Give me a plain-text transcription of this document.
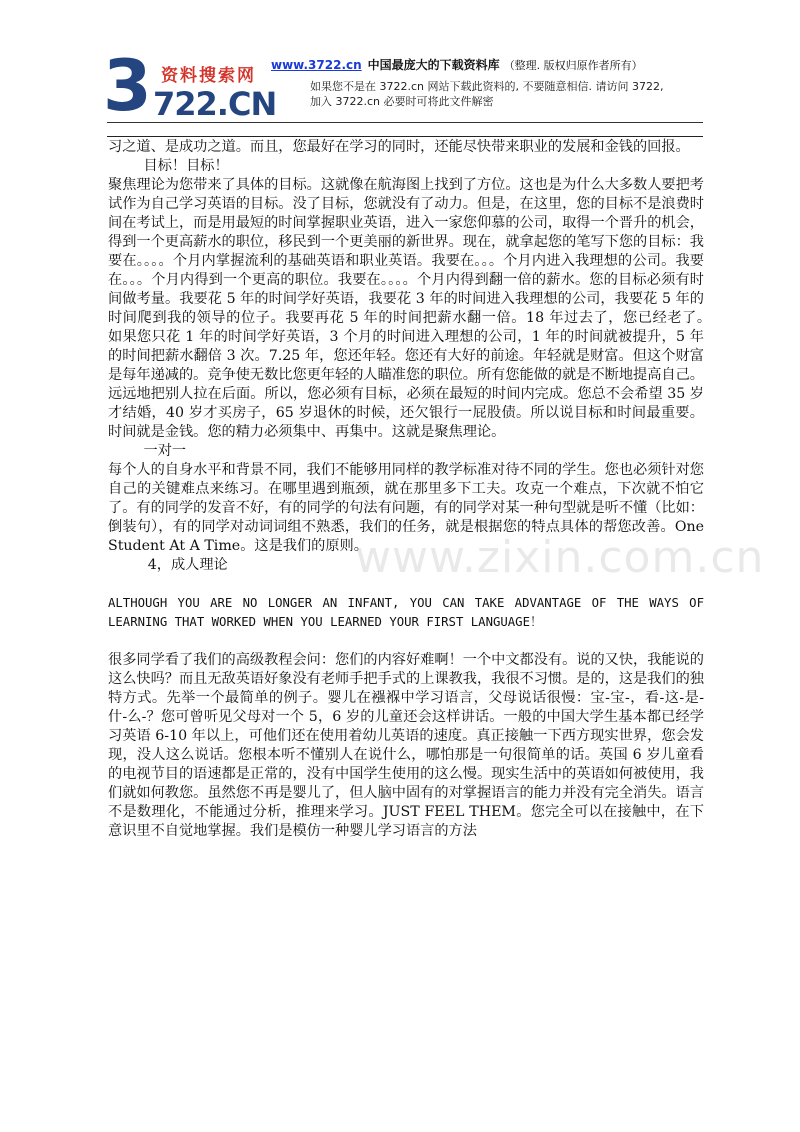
3 资料搜索网
722.CN
www.3722.cn 中国最庞大的下载资料库 （整理. 版权归原作者所有）
如果您不是在 3722.cn 网站下载此资料的, 不要随意相信. 请访问 3722,
加入 3722.cn 必要时可将此文件解密
www.zixin.com.cn

习之道、是成功之道。而且，您最好在学习的同时，还能尽快带来职业的发展和金钱的回报。

目标！目标！

聚焦理论为您带来了具体的目标。这就像在航海图上找到了方位。这也是为什么大多数人要把考试作为自己学习英语的目标。没了目标，您就没有了动力。但是，在这里，您的目标不是浪费时间在考试上，而是用最短的时间掌握职业英语，进入一家您仰慕的公司，取得一个晋升的机会，得到一个更高薪水的职位，移民到一个更美丽的新世界。现在，就拿起您的笔写下您的目标：我要在。。。。个月内掌握流利的基础英语和职业英语。我要在。。。个月内进入我理想的公司。我要在。。。个月内得到一个更高的职位。我要在。。。。个月内得到翻一倍的薪水。您的目标必须有时间做考量。我要花 5 年的时间学好英语，我要花 3 年的时间进入我理想的公司，我要花 5 年的时间爬到我的领导的位子。我要再花 5 年的时间把薪水翻一倍。18 年过去了，您已经老了。　如果您只花 1 年的时间学好英语，3 个月的时间进入理想的公司，1 年的时间就被提升，5 年的时间把薪水翻倍 3 次。7.25 年，您还年轻。您还有大好的前途。年轻就是财富。但这个财富是每年递减的。竞争使无数比您更年轻的人瞄准您的职位。所有您能做的就是不断地提高自己。远远地把别人拉在后面。所以，您必须有目标，必须在最短的时间内完成。您总不会希望 35 岁才结婚，40 岁才买房子，65 岁退休的时候，还欠银行一屁股债。所以说目标和时间最重要。时间就是金钱。您的精力必须集中、再集中。这就是聚焦理论。

一对一

每个人的自身水平和背景不同，我们不能够用同样的教学标准对待不同的学生。您也必须针对您自己的关键难点来练习。在哪里遇到瓶颈，就在那里多下工夫。攻克一个难点，下次就不怕它了。有的同学的发音不好，有的同学的句法有问题，有的同学对某一种句型就是听不懂（比如：倒装句），有的同学对动词词组不熟悉，我们的任务，就是根据您的特点具体的帮您改善。One Student At A Time。这是我们的原则。

4，成人理论

ALTHOUGH YOU ARE NO LONGER AN INFANT, YOU CAN TAKE ADVANTAGE OF THE WAYS OF LEARNING THAT WORKED WHEN YOU LEARNED YOUR FIRST LANGUAGE！

很多同学看了我们的高级教程会问：您们的内容好难啊！一个中文都没有。说的又快，我能说的这么快吗？而且无敌英语好象没有老师手把手式的上课教我，我很不习惯。是的，这是我们的独特方式。先举一个最简单的例子。婴儿在襁褓中学习语言，父母说话很慢：宝-宝-，看-这-是-什-么-？您可曾听见父母对一个 5，6 岁的儿童还会这样讲话。一般的中国大学生基本都已经学习英语 6-10 年以上，可他们还在使用着幼儿英语的速度。真正接触一下西方现实世界，您会发现，没人这么说话。您根本听不懂别人在说什么，哪怕那是一句很简单的话。英国 6 岁儿童看的电视节目的语速都是正常的，没有中国学生使用的这么慢。现实生活中的英语如何被使用，我们就如何教您。虽然您不再是婴儿了，但人脑中固有的对掌握语言的能力并没有完全消失。语言不是数理化，不能通过分析，推理来学习。JUST FEEL THEM。您完全可以在接触中，在下意识里不自觉地掌握。我们是模仿一种婴儿学习语言的方法
